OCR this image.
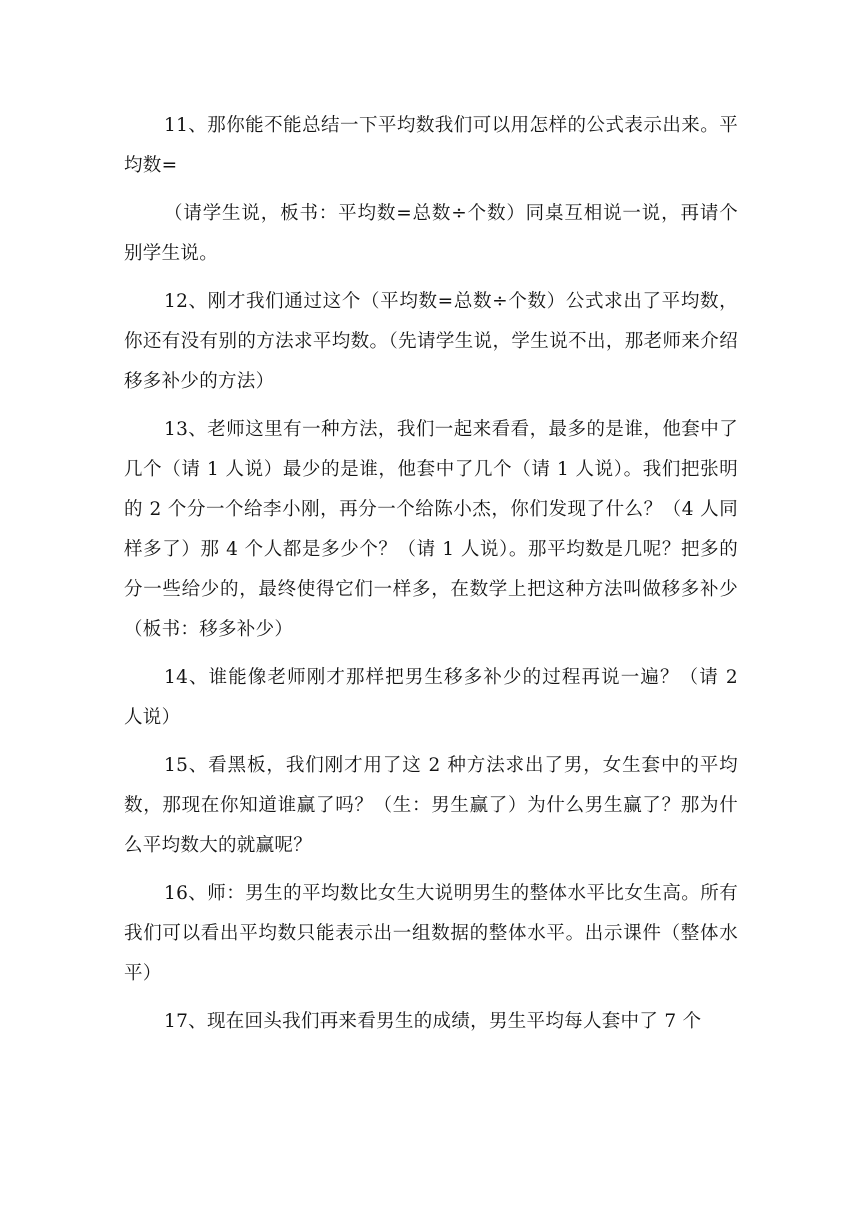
11、那你能不能总结一下平均数我们可以用怎样的公式表示出来。平均数=

（请学生说，板书：平均数=总数÷个数）同桌互相说一说，再请个别学生说。

12、刚才我们通过这个（平均数=总数÷个数）公式求出了平均数，你还有没有别的方法求平均数。（先请学生说，学生说不出，那老师来介绍移多补少的方法）

13、老师这里有一种方法，我们一起来看看，最多的是谁，他套中了几个（请 1 人说）最少的是谁，他套中了几个（请 1 人说）。我们把张明的 2 个分一个给李小刚，再分一个给陈小杰，你们发现了什么？（4 人同样多了）那 4 个人都是多少个？（请 1 人说）。那平均数是几呢？把多的分一些给少的，最终使得它们一样多，在数学上把这种方法叫做移多补少（板书：移多补少）

14、谁能像老师刚才那样把男生移多补少的过程再说一遍？（请 2 人说）

15、看黑板，我们刚才用了这 2 种方法求出了男，女生套中的平均数，那现在你知道谁赢了吗？（生：男生赢了）为什么男生赢了？那为什么平均数大的就赢呢？

16、师：男生的平均数比女生大说明男生的整体水平比女生高。所有我们可以看出平均数只能表示出一组数据的整体水平。出示课件（整体水平）

17、现在回头我们再来看男生的成绩，男生平均每人套中了 7 个
